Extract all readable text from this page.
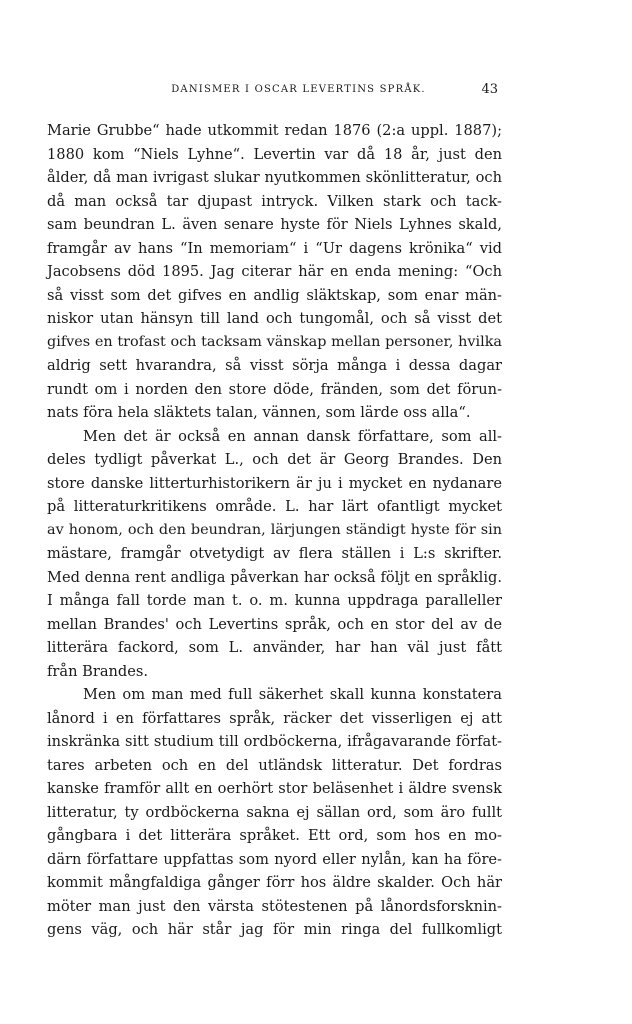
DANISMER I OSCAR LEVERTINS SPRÅK.	43
Marie Grubbe“ hade utkommit redan 1876 (2:a uppl. 1887);
1880 kom “Niels Lyhne“. Levertin var då 18 år, just den
ålder, då man ivrigast slukar nyutkommen skönlitteratur, och
då man också tar djupast intryck. Vilken stark och tack-
sam beundran L. även senare hyste för Niels Lyhnes skald,
framgår av hans “In memoriam“ i “Ur dagens krönika“ vid
Jacobsens död 1895. Jag citerar här en enda mening: “Och
så visst som det gifves en andlig släktskap, som enar män-
niskor utan hänsyn till land och tungomål, och så visst det
gifves en trofast och tacksam vänskap mellan personer, hvilka
aldrig sett hvarandra, så visst sörja många i dessa dagar
rundt om i norden den store döde, fränden, som det förun-
nats föra hela släktets talan, vännen, som lärde oss alla“.
Men det är också en annan dansk författare, som all-
deles tydligt påverkat L., och det är Georg Brandes. Den
store danske litterturhistorikern är ju i mycket en nydanare
på litteraturkritikens område. L. har lärt ofantligt mycket
av honom, och den beundran, lärjungen ständigt hyste för sin
mästare, framgår otvetydigt av flera ställen i L:s skrifter.
Med denna rent andliga påverkan har också följt en språklig.
I många fall torde man t. o. m. kunna uppdraga paralleller
mellan Brandes' och Levertins språk, och en stor del av de
litterära fackord, som L. använder, har han väl just fått
från Brandes.
Men om man med full säkerhet skall kunna konstatera
lånord i en författares språk, räcker det visserligen ej att
inskränka sitt studium till ordböckerna, ifrågavarande förfat-
tares arbeten och en del utländsk litteratur. Det fordras
kanske framför allt en oerhört stor beläsenhet i äldre svensk
litteratur, ty ordböckerna sakna ej sällan ord, som äro fullt
gångbara i det litterära språket. Ett ord, som hos en mo-
därn författare uppfattas som nyord eller nylån, kan ha före-
kommit mångfaldiga gånger förr hos äldre skalder. Och här
möter man just den värsta stötestenen på lånordsforsknin-
gens väg, och här står jag för min ringa del fullkomligt
